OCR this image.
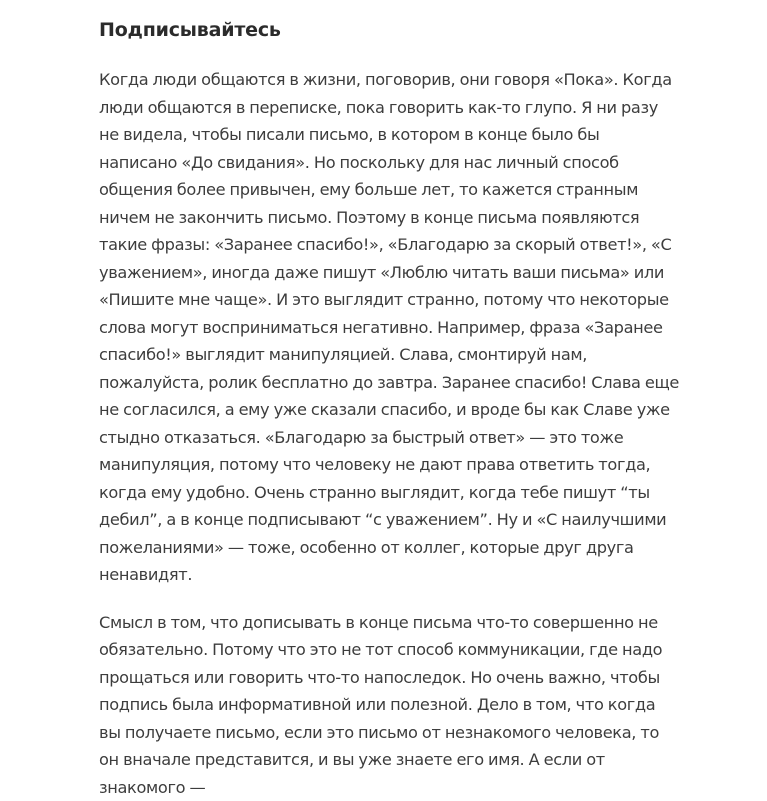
Подписывайтесь

Когда люди общаются в жизни, поговорив, они говоря «Пока». Когда люди общаются в переписке, пока говорить как-то глупо. Я ни разу не видела, чтобы писали письмо, в котором в конце было бы написано «До свидания». Но поскольку для нас личный способ общения более привычен, ему больше лет, то кажется странным ничем не закончить письмо. Поэтому в конце письма появляются такие фразы: «Заранее спасибо!», «Благодарю за скорый ответ!», «С уважением», иногда даже пишут «Люблю читать ваши письма» или «Пишите мне чаще». И это выглядит странно, потому что некоторые слова могут восприниматься негативно. Например, фраза «Заранее спасибо!» выглядит манипуляцией. Слава, смонтируй нам, пожалуйста, ролик бесплатно до завтра. Заранее спасибо! Слава еще не согласился, а ему уже сказали спасибо, и вроде бы как Славе уже стыдно отказаться. «Благодарю за быстрый ответ» — это тоже манипуляция, потому что человеку не дают права ответить тогда, когда ему удобно. Очень странно выглядит, когда тебе пишут “ты дебил”, а в конце подписывают “с уважением”. Ну и «С наилучшими пожеланиями» — тоже, особенно от коллег, которые друг друга ненавидят.

Смысл в том, что дописывать в конце письма что-то совершенно не обязательно. Потому что это не тот способ коммуникации, где надо прощаться или говорить что-то напоследок. Но очень важно, чтобы подпись была информативной или полезной. Дело в том, что когда вы получаете письмо, если это письмо от незнакомого человека, то он вначале представится, и вы уже знаете его имя. А если от знакомого —
